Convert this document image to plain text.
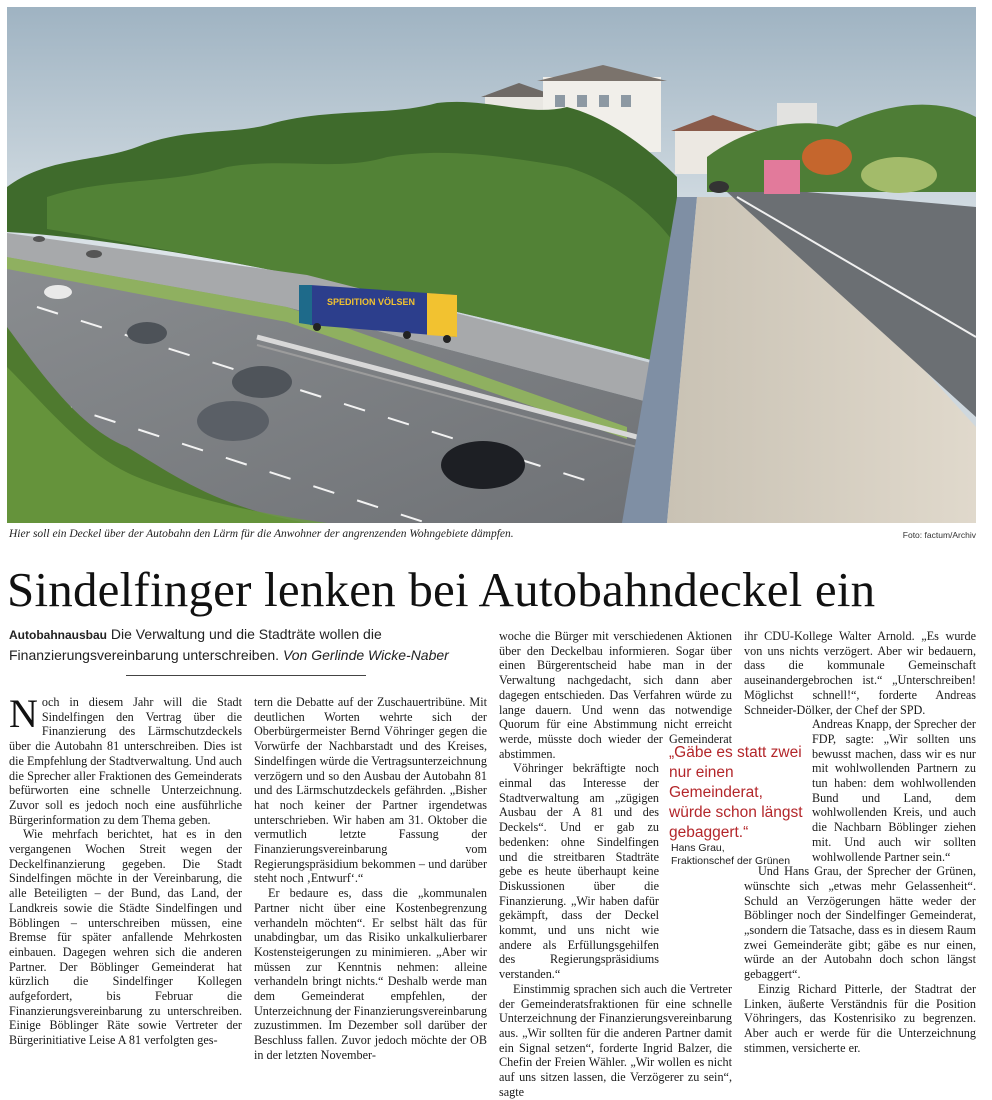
SPEDITION VÖLSEN
Hier soll ein Deckel über der Autobahn den Lärm für die Anwohner der angrenzenden Wohngebiete dämpfen.	Foto: factum/Archiv
Sindelfinger lenken bei Autobahndeckel ein
Autobahnausbau Die Verwaltung und die Stadträte wollen die Finanzierungsvereinbarung unterschreiben. Von Gerlinde Wicke-Naber

Noch in diesem Jahr will die Stadt Sindelfingen den Vertrag über die Finanzierung des Lärmschutzdeckels über die Autobahn 81 unterschreiben. Dies ist die Empfehlung der Stadtverwaltung. Und auch die Sprecher aller Fraktionen des Gemeinderats befürworten eine schnelle Unterzeichnung. Zuvor soll es jedoch noch eine ausführliche Bürgerinformation zu dem Thema geben.

Wie mehrfach berichtet, hat es in den vergangenen Wochen Streit wegen der Deckelfinanzierung gegeben. Die Stadt Sindelfingen möchte in der Vereinbarung, die alle Beteiligten – der Bund, das Land, der Landkreis sowie die Städte Sindelfingen und Böblingen – unterschreiben müssen, eine Bremse für später anfallende Mehrkosten einbauen. Dagegen wehren sich die anderen Partner. Der Böblinger Gemeinderat hat kürzlich die Sindelfinger Kollegen aufgefordert, bis Februar die Finanzierungsvereinbarung zu unterschreiben. Einige Böblinger Räte sowie Vertreter der Bürgerinitiative Leise A 81 verfolgten ges-

tern die Debatte auf der Zuschauertribüne. Mit deutlichen Worten wehrte sich der Oberbürgermeister Bernd Vöhringer gegen die Vorwürfe der Nachbarstadt und des Kreises, Sindelfingen würde die Vertragsunterzeichnung verzögern und so den Ausbau der Autobahn 81 und des Lärmschutzdeckels gefährden. „Bisher hat noch keiner der Partner irgendetwas unterschrieben. Wir haben am 31. Oktober die vermutlich letzte Fassung der Finanzierungsvereinbarung vom Regierungspräsidium bekommen – und darüber steht noch ‚Entwurf‘.“

Er bedaure es, dass die „kommunalen Partner nicht über eine Kostenbegrenzung verhandeln möchten“. Er selbst hält das für unabdingbar, um das Risiko unkalkulierbarer Kostensteigerungen zu minimieren. „Aber wir müssen zur Kenntnis nehmen: alleine verhandeln bringt nichts.“ Deshalb werde man dem Gemeinderat empfehlen, der Unterzeichnung der Finanzierungsvereinbarung zuzustimmen. Im Dezember soll darüber der Beschluss fallen. Zuvor jedoch möchte der OB in der letzten November-

woche die Bürger mit verschiedenen Aktionen über den Deckelbau informieren. Sogar über einen Bürgerentscheid habe man in der Verwaltung nachgedacht, sich dann aber dagegen entschieden. Das Verfahren würde zu lange dauern. Und wenn das notwendige Quorum für eine Abstimmung nicht erreicht werde, müsste doch wieder der Gemeinderat abstimmen.

Vöhringer bekräftigte noch einmal das Interesse der Stadtverwaltung am „zügigen Ausbau der A 81 und des Deckels“. Und er gab zu bedenken: ohne Sindelfingen und die streitbaren Stadträte gebe es heute überhaupt keine Diskussionen über die Finanzierung. „Wir haben dafür gekämpft, dass der Deckel kommt, und uns nicht wie andere als Erfüllungsgehilfen des Regierungspräsidiums verstanden.“

Einstimmig sprachen sich auch die Vertreter der Gemeinderatsfraktionen für eine schnelle Unterzeichnung der Finanzierungsvereinbarung aus. „Wir sollten für die anderen Partner damit ein Signal setzen“, forderte Ingrid Balzer, die Chefin der Freien Wähler. „Wir wollen es nicht auf uns sitzen lassen, die Verzögerer zu sein“, sagte

ihr CDU-Kollege Walter Arnold. „Es wurde von uns nichts verzögert. Aber wir bedauern, dass die kommunale Gemeinschaft auseinandergebrochen ist.“ „Unterschreiben! Möglichst schnell!“, forderte Andreas Schneider-Dölker, der Chef der SPD.

Andreas Knapp, der Sprecher der FDP, sagte: „Wir sollten uns bewusst machen, dass wir es nur mit wohlwollenden Partnern zu tun haben: dem wohlwollenden Bund und Land, dem wohlwollenden Kreis, und auch die Nachbarn Böblinger ziehen mit. Und auch wir sollten wohlwollende Partner sein.“

Und Hans Grau, der Sprecher der Grünen, wünschte sich „etwas mehr Gelassenheit“. Schuld an Verzögerungen hätte weder der Böblinger noch der Sindelfinger Gemeinderat, „sondern die Tatsache, dass es in diesem Raum zwei Gemeinderäte gibt; gäbe es nur einen, würde an der Autobahn doch schon längst gebaggert“.

Einzig Richard Pitterle, der Stadtrat der Linken, äußerte Verständnis für die Position Vöhringers, das Kostenrisiko zu begrenzen. Aber auch er werde für die Unterzeichnung stimmen, versicherte er.

„Gäbe es statt zwei nur einen Gemeinderat, würde schon längst gebaggert.“
Hans Grau,
Fraktionschef der Grünen
